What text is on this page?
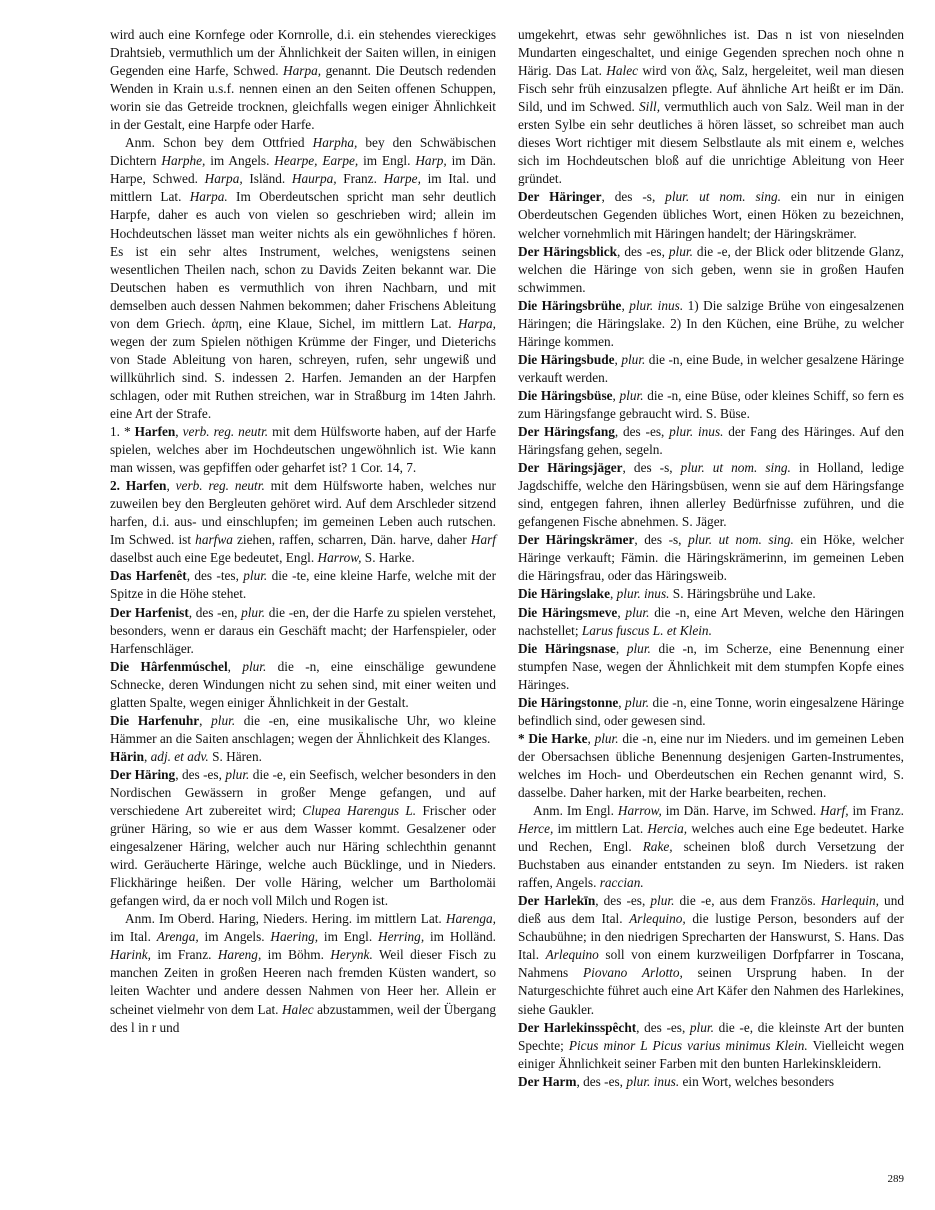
wird auch eine Kornfege oder Kornrolle, d.i. ein stehendes viereckiges Drahtsieb, vermuthlich um der Ähnlichkeit der Saiten willen, in einigen Gegenden eine Harfe, Schwed. Harpa, genannt. Die Deutsch redenden Wenden in Krain u.s.f. nennen einen an den Seiten offenen Schuppen, worin sie das Getreide trocknen, gleichfalls wegen einiger Ähnlichkeit in der Gestalt, eine Harpfe oder Harfe.

Anm. Schon bey dem Ottfried Harpha, bey den Schwäbischen Dichtern Harphe, im Angels. Hearpe, Earpe, im Engl. Harp, im Dän. Harpe, Schwed. Harpa, Isländ. Haurpa, Franz. Harpe, im Ital. und mittlern Lat. Harpa. Im Oberdeutschen spricht man sehr deutlich Harpfe, daher es auch von vielen so geschrieben wird; allein im Hochdeutschen lässet man weiter nichts als ein gewöhnliches f hören. Es ist ein sehr altes Instrument, welches, wenigstens seinen wesentlichen Theilen nach, schon zu Davids Zeiten bekannt war. Die Deutschen haben es vermuthlich von ihren Nachbarn, und mit demselben auch dessen Nahmen bekommen; daher Frischens Ableitung von dem Griech. ἁρπη, eine Klaue, Sichel, im mittlern Lat. Harpa, wegen der zum Spielen nöthigen Krümme der Finger, und Dieterichs von Stade Ableitung von haren, schreyen, rufen, sehr ungewiß und willkührlich sind. S. indessen 2. Harfen. Jemanden an der Harpfen schlagen, oder mit Ruthen streichen, war in Straßburg im 14ten Jahrh. eine Art der Strafe.

1. * Harfen, verb. reg. neutr. mit dem Hülfsworte haben, auf der Harfe spielen, welches aber im Hochdeutschen ungewöhnlich ist. Wie kann man wissen, was gepfiffen oder geharfet ist? 1 Cor. 14, 7.

2. Harfen, verb. reg. neutr. mit dem Hülfsworte haben, welches nur zuweilen bey den Bergleuten gehöret wird. Auf dem Arschleder sitzend harfen, d.i. aus- und einschlupfen; im gemeinen Leben auch rutschen. Im Schwed. ist harfwa ziehen, raffen, scharren, Dän. harve, daher Harf daselbst auch eine Ege bedeutet, Engl. Harrow, S. Harke.

Das Harfenêt, des -tes, plur. die -te, eine kleine Harfe, welche mit der Spitze in die Höhe stehet.

Der Harfenist, des -en, plur. die -en, der die Harfe zu spielen verstehet, besonders, wenn er daraus ein Geschäft macht; der Harfenspieler, oder Harfenschläger.

Die Hârfenmúschel, plur. die -n, eine einschälige gewundene Schnecke, deren Windungen nicht zu sehen sind, mit einer weiten und glatten Spalte, wegen einiger Ähnlichkeit in der Gestalt.

Die Harfenuhr, plur. die -en, eine musikalische Uhr, wo kleine Hämmer an die Saiten anschlagen; wegen der Ähnlichkeit des Klanges.

Härin, adj. et adv. S. Hären.

Der Häring, des -es, plur. die -e, ein Seefisch, welcher besonders in den Nordischen Gewässern in großer Menge gefangen, und auf verschiedene Art zubereitet wird; Clupea Harengus L. Frischer oder grüner Häring, so wie er aus dem Wasser kommt. Gesalzener oder eingesalzener Häring, welcher auch nur Häring schlechthin genannt wird. Geräucherte Häringe, welche auch Bücklinge, und in Nieders. Flickhäringe heißen. Der volle Häring, welcher um Bartholomäi gefangen wird, da er noch voll Milch und Rogen ist.

Anm. Im Oberd. Haring, Nieders. Hering. im mittlern Lat. Harenga, im Ital. Arenga, im Angels. Haering, im Engl. Herring, im Holländ. Harink, im Franz. Hareng, im Böhm. Herynk. Weil dieser Fisch zu manchen Zeiten in großen Heeren nach fremden Küsten wandert, so leiten Wachter und andere dessen Nahmen von Heer her. Allein er scheinet vielmehr von dem Lat. Halec abzustammen, weil der Übergang des l in r und

umgekehrt, etwas sehr gewöhnliches ist. Das n ist von nieselnden Mundarten eingeschaltet, und einige Gegenden sprechen noch ohne n Härig. Das Lat. Halec wird von ἅλς, Salz, hergeleitet, weil man diesen Fisch sehr früh einzusalzen pflegte. Auf ähnliche Art heißt er im Dän. Sild, und im Schwed. Sill, vermuthlich auch von Salz. Weil man in der ersten Sylbe ein sehr deutliches ä hören lässet, so schreibet man auch dieses Wort richtiger mit diesem Selbstlaute als mit einem e, welches sich im Hochdeutschen bloß auf die unrichtige Ableitung von Heer gründet.

Der Häringer, des -s, plur. ut nom. sing. ein nur in einigen Oberdeutschen Gegenden übliches Wort, einen Höken zu bezeichnen, welcher vornehmlich mit Häringen handelt; der Häringskrämer.

Der Häringsblick, des -es, plur. die -e, der Blick oder blitzende Glanz, welchen die Häringe von sich geben, wenn sie in großen Haufen schwimmen.

Die Häringsbrühe, plur. inus. 1) Die salzige Brühe von eingesalzenen Häringen; die Häringslake. 2) In den Küchen, eine Brühe, zu welcher Häringe kommen.

Die Häringsbude, plur. die -n, eine Bude, in welcher gesalzene Häringe verkauft werden.

Die Häringsbüse, plur. die -n, eine Büse, oder kleines Schiff, so fern es zum Häringsfange gebraucht wird. S. Büse.

Der Häringsfang, des -es, plur. inus. der Fang des Häringes. Auf den Häringsfang gehen, segeln.

Der Häringsjäger, des -s, plur. ut nom. sing. in Holland, ledige Jagdschiffe, welche den Häringsbüsen, wenn sie auf dem Häringsfange sind, entgegen fahren, ihnen allerley Bedürfnisse zuführen, und die gefangenen Fische abnehmen. S. Jäger.

Der Häringskrämer, des -s, plur. ut nom. sing. ein Höke, welcher Häringe verkauft; Fämin. die Häringskrämerinn, im gemeinen Leben die Häringsfrau, oder das Häringsweib.

Die Häringslake, plur. inus. S. Häringsbrühe und Lake.

Die Häringsmeve, plur. die -n, eine Art Meven, welche den Häringen nachstellet; Larus fuscus L. et Klein.

Die Häringsnase, plur. die -n, im Scherze, eine Benennung einer stumpfen Nase, wegen der Ähnlichkeit mit dem stumpfen Kopfe eines Häringes.

Die Häringstonne, plur. die -n, eine Tonne, worin eingesalzene Häringe befindlich sind, oder gewesen sind.

* Die Harke, plur. die -n, eine nur im Nieders. und im gemeinen Leben der Obersachsen übliche Benennung desjenigen Garten-Instrumentes, welches im Hoch- und Oberdeutschen ein Rechen genannt wird, S. dasselbe. Daher harken, mit der Harke bearbeiten, rechen.

Anm. Im Engl. Harrow, im Dän. Harve, im Schwed. Harf, im Franz. Herce, im mittlern Lat. Hercia, welches auch eine Ege bedeutet. Harke und Rechen, Engl. Rake, scheinen bloß durch Versetzung der Buchstaben aus einander entstanden zu seyn. Im Nieders. ist raken raffen, Angels. raccian.

Der Harlekīn, des -es, plur. die -e, aus dem Französ. Harlequin, und dieß aus dem Ital. Arlequino, die lustige Person, besonders auf der Schaubühne; in den niedrigen Sprecharten der Hanswurst, S. Hans. Das Ital. Arlequino soll von einem kurzweiligen Dorfpfarrer in Toscana, Nahmens Piovano Arlotto, seinen Ursprung haben. In der Naturgeschichte führet auch eine Art Käfer den Nahmen des Harlekines, siehe Gaukler.

Der Harlekinsspêcht, des -es, plur. die -e, die kleinste Art der bunten Spechte; Picus minor L Picus varius minimus Klein. Vielleicht wegen einiger Ähnlichkeit seiner Farben mit den bunten Harlekinskleidern.

Der Harm, des -es, plur. inus. ein Wort, welches besonders

289
